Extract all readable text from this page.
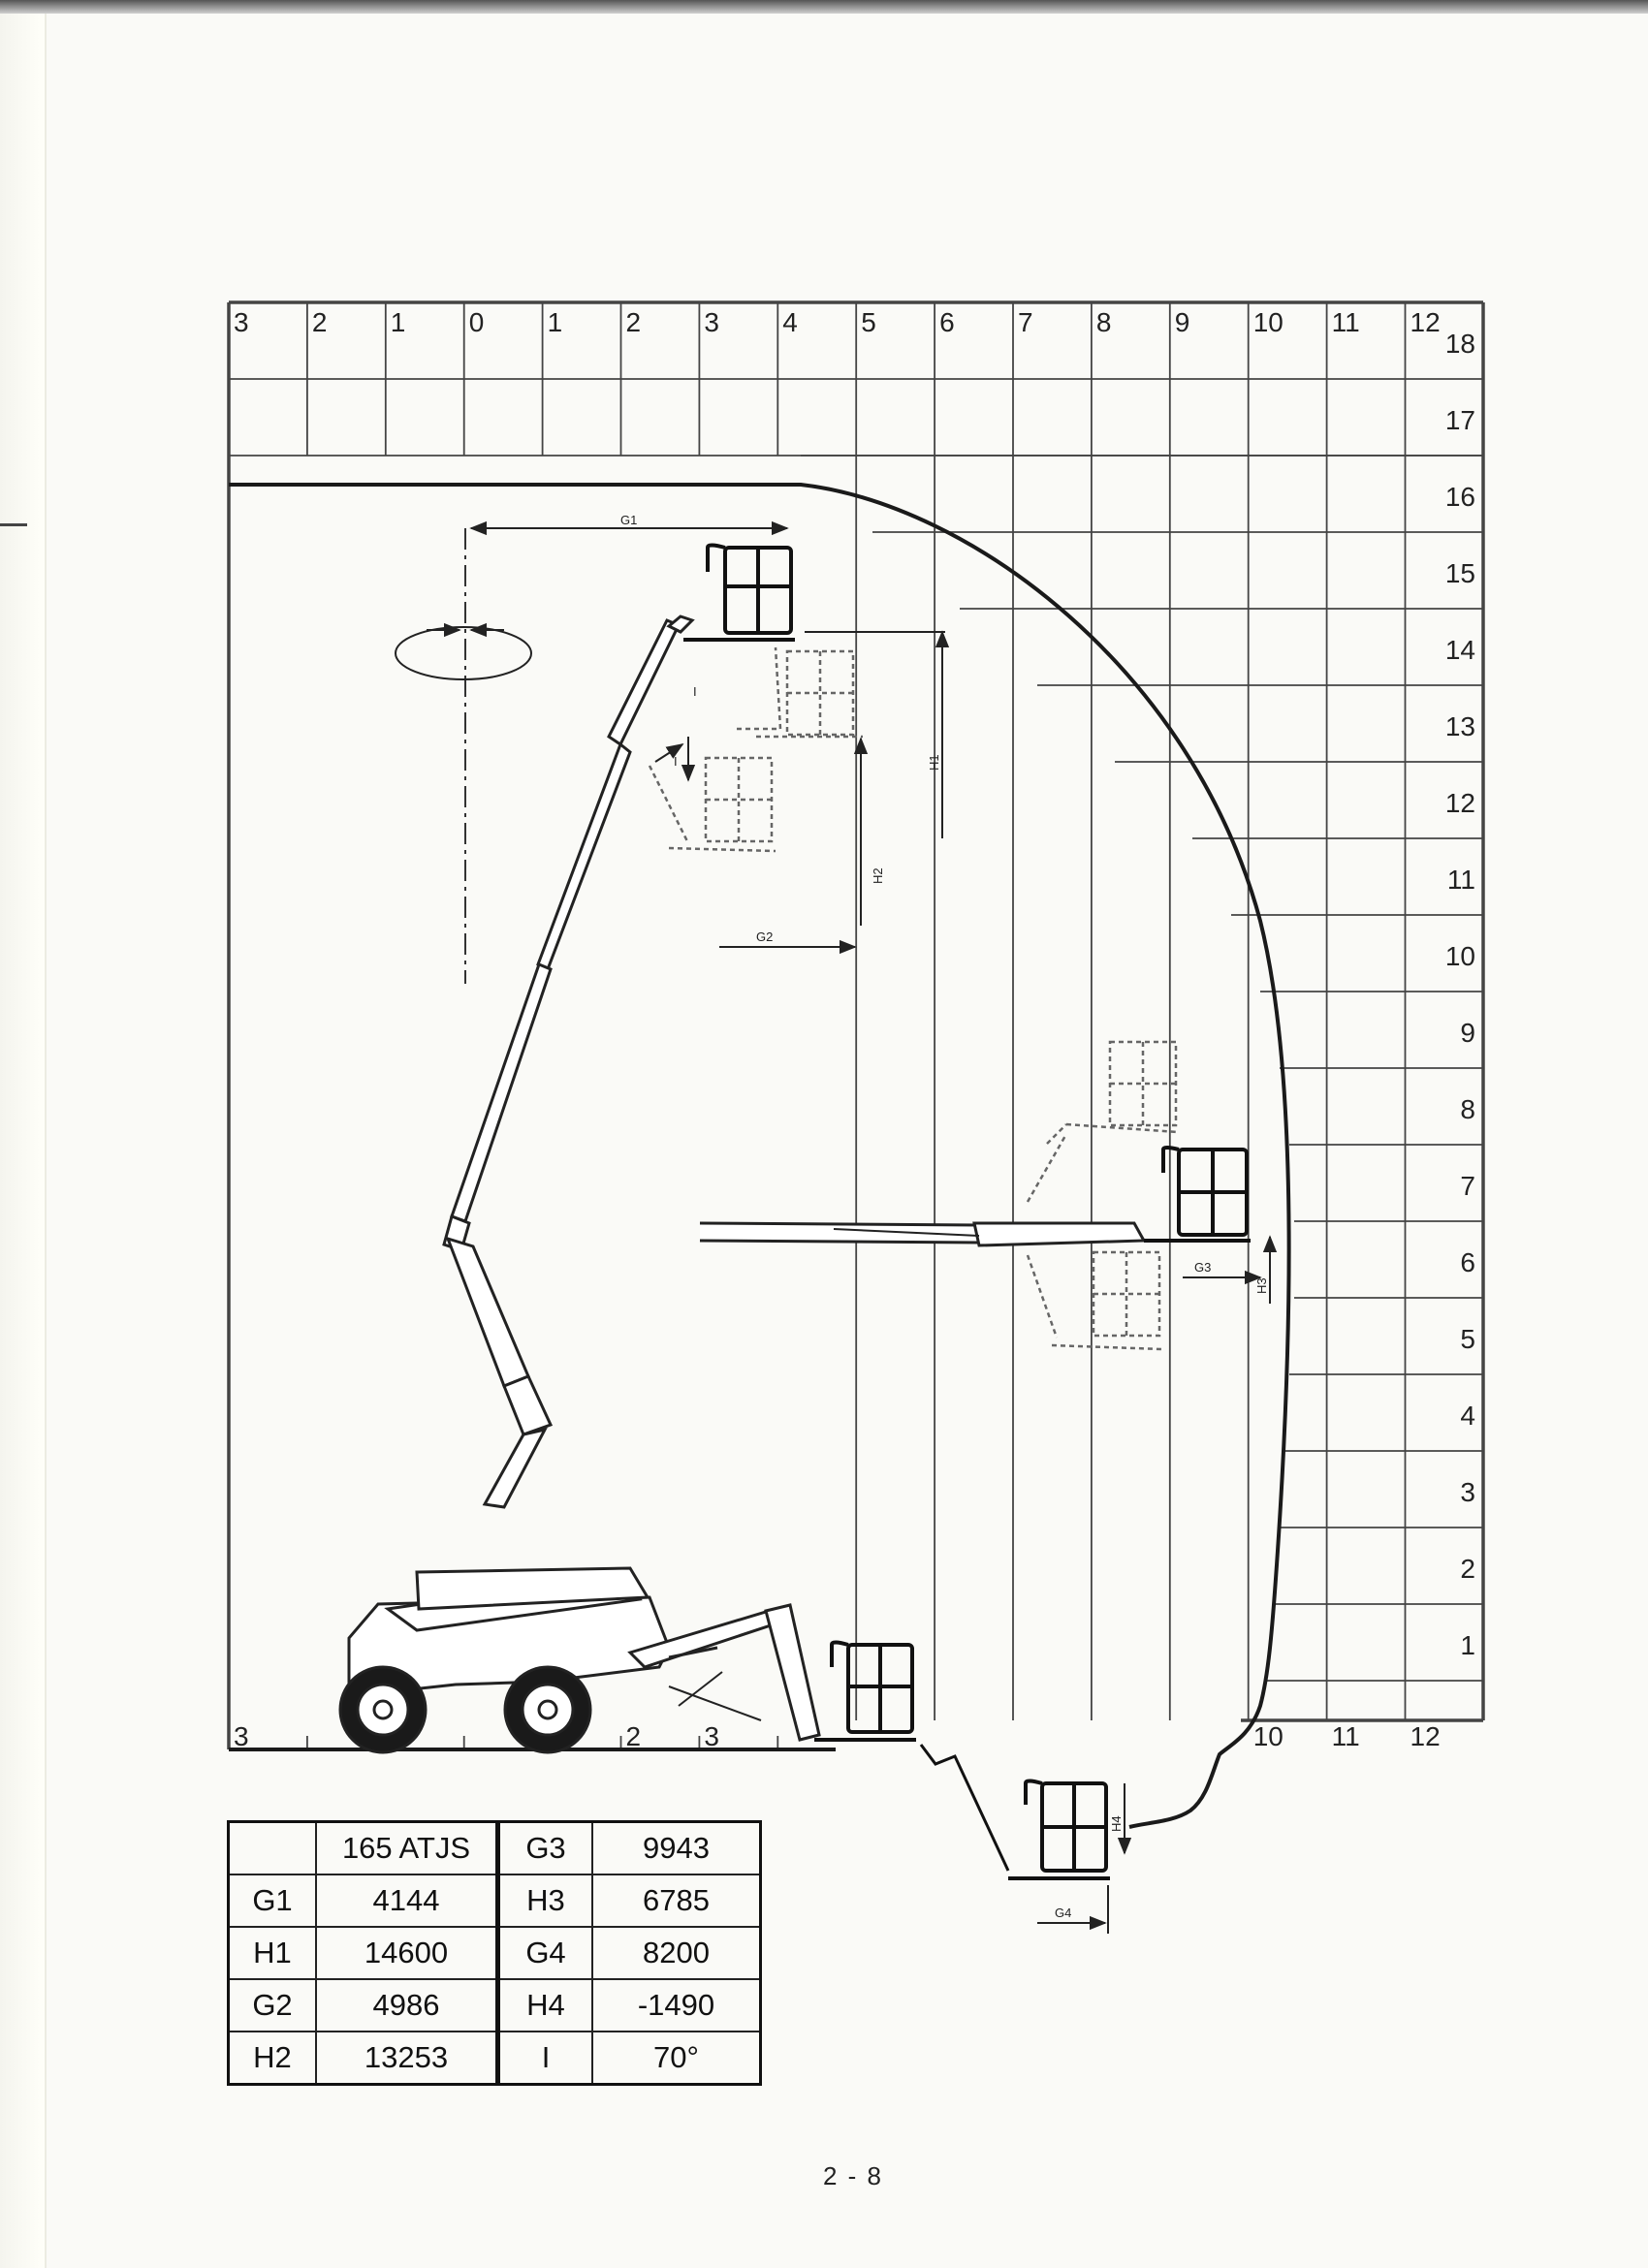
G1
H1
G2
H2
G3
H3
G4
H4
I
I
3 2 1 0 1 2 3 4 5 6 7 8 9 10 11 12
18
17
16
15
14
13
12
11
10
9
8
7
6
5
4
3
2
1
3	2 3	10 11 12
	165 ATJS	G3	9943
G1	4144	H3	6785
H1	14600	G4	8200
G2	4986	H4	-1490
H2	13253	I	70°
2 - 8
